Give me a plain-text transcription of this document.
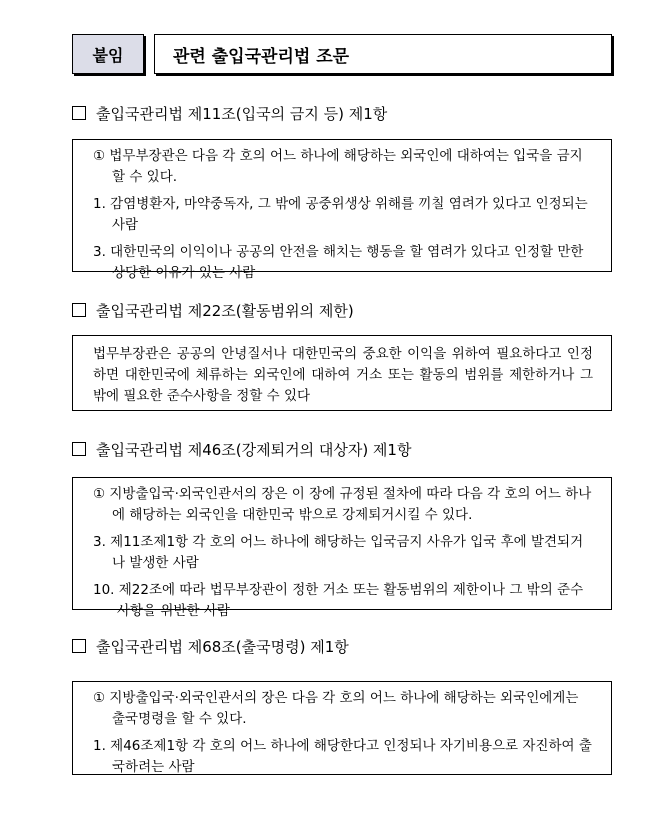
붙임	관련 출입국관리법 조문
출입국관리법 제11조(입국의 금지 등) 제1항

① 법무부장관은 다음 각 호의 어느 하나에 해당하는 외국인에 대하여는 입국을 금지할 수 있다.

1. 감염병환자, 마약중독자, 그 밖에 공중위생상 위해를 끼칠 염려가 있다고 인정되는 사람

3. 대한민국의 이익이나 공공의 안전을 해치는 행동을 할 염려가 있다고 인정할 만한 상당한 이유가 있는 사람

출입국관리법 제22조(활동범위의 제한)

법무부장관은 공공의 안녕질서나 대한민국의 중요한 이익을 위하여 필요하다고 인정하면 대한민국에 체류하는 외국인에 대하여 거소 또는 활동의 범위를 제한하거나 그 밖에 필요한 준수사항을 정할 수 있다

출입국관리법 제46조(강제퇴거의 대상자) 제1항

① 지방출입국·외국인관서의 장은 이 장에 규정된 절차에 따라 다음 각 호의 어느 하나에 해당하는 외국인을 대한민국 밖으로 강제퇴거시킬 수 있다.

3. 제11조제1항 각 호의 어느 하나에 해당하는 입국금지 사유가 입국 후에 발견되거나 발생한 사람

10. 제22조에 따라 법무부장관이 정한 거소 또는 활동범위의 제한이나 그 밖의 준수사항을 위반한 사람

출입국관리법 제68조(출국명령) 제1항

① 지방출입국·외국인관서의 장은 다음 각 호의 어느 하나에 해당하는 외국인에게는 출국명령을 할 수 있다.

1. 제46조제1항 각 호의 어느 하나에 해당한다고 인정되나 자기비용으로 자진하여 출국하려는 사람
